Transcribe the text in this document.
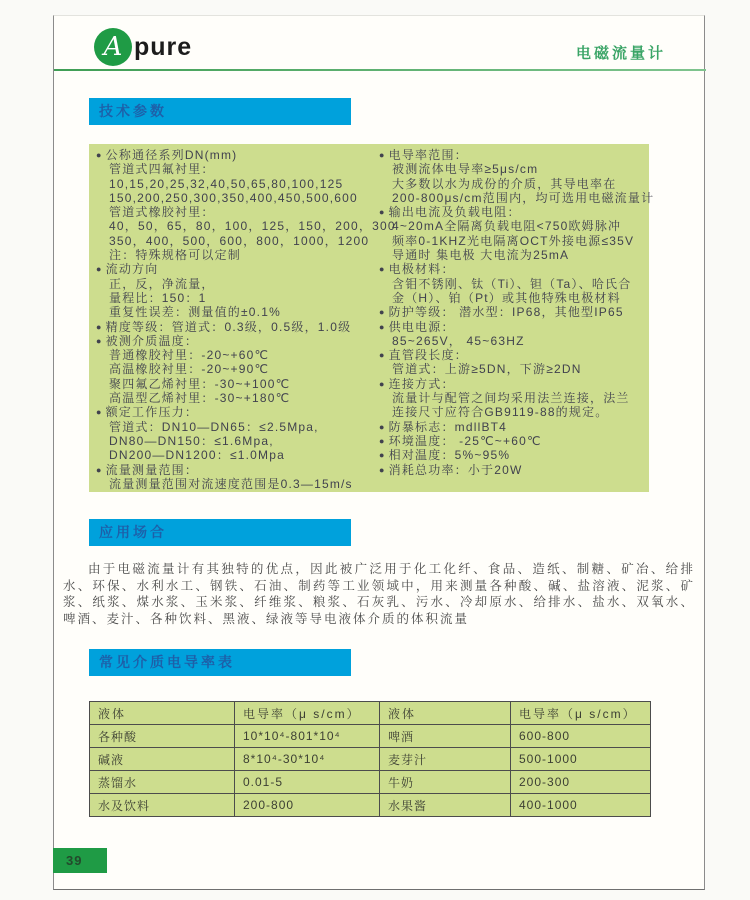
A pure	电磁流量计
技术参数
● 公称通径系列DN(mm)
管道式四氟衬里：
10,15,20,25,32,40,50,65,80,100,125
150,200,250,300,350,400,450,500,600
管道式橡胶衬里：
40，50，65，80，100，125，150，200，300
350，400，500，600，800，1000，1200
注：特殊规格可以定制
● 流动方向
正，反，净流量，
量程比：150：1
重复性误差：测量值的±0.1%
● 精度等级：管道式：0.3级，0.5级，1.0级
● 被测介质温度：
普通橡胶衬里：-20~+60℃
高温橡胶衬里：-20~+90℃
聚四氟乙烯衬里：-30~+100℃
高温型乙烯衬里：-30~+180℃
● 额定工作压力：
管道式：DN10—DN65：≤2.5Mpa,
DN80—DN150：≤1.6Mpa,
DN200—DN1200：≤1.0Mpa
● 流量测量范围：
流量测量范围对流速度范围是0.3—15m/s
● 电导率范围：
被测流体电导率≥5μs/cm
大多数以水为成份的介质，其导电率在
200-800μs/cm范围内，均可选用电磁流量计
● 输出电流及负载电阻：
4~20mA全隔离负载电阻<750欧姆脉冲
频率0-1KHZ光电隔离OCT外接电源≤35V
导通时 集电极 大电流为25mA
● 电极材料：
含钼不锈刚、钛（Ti）、钽（Ta）、哈氏合
金（H）、铂（Pt）或其他特殊电极材料
● 防护等级： 潜水型：IP68，其他型IP65
● 供电电源：
85~265V， 45~63HZ
● 直管段长度：
管道式：上游≥5DN，下游≥2DN
● 连接方式：
流量计与配管之间均采用法兰连接，法兰
连接尺寸应符合GB9119-88的规定。
● 防暴标志：mdllBT4
● 环境温度： -25℃~+60℃
● 相对温度：5%~95%
● 消耗总功率：小于20W
应用场合

由于电磁流量计有其独特的优点，因此被广泛用于化工化纤、食品、造纸、制糖、矿冶、给排水、环保、水利水工、钢铁、石油、制药等工业领域中，用来测量各种酸、碱、盐溶液、泥浆、矿浆、纸浆、煤水浆、玉米浆、纤维浆、粮浆、石灰乳、污水、冷却原水、给排水、盐水、双氧水、啤酒、麦汁、各种饮料、黑液、绿液等导电液体介质的体积流量

常见介质电导率表
液体	电导率（μ s/cm）	液体	电导率（μ s/cm）
各种酸	10*10⁴-801*10⁴	啤酒	600-800
碱液	8*10⁴-30*10⁴	麦芽汁	500-1000
蒸馏水	0.01-5	牛奶	200-300
水及饮料	200-800	水果酱	400-1000
39
